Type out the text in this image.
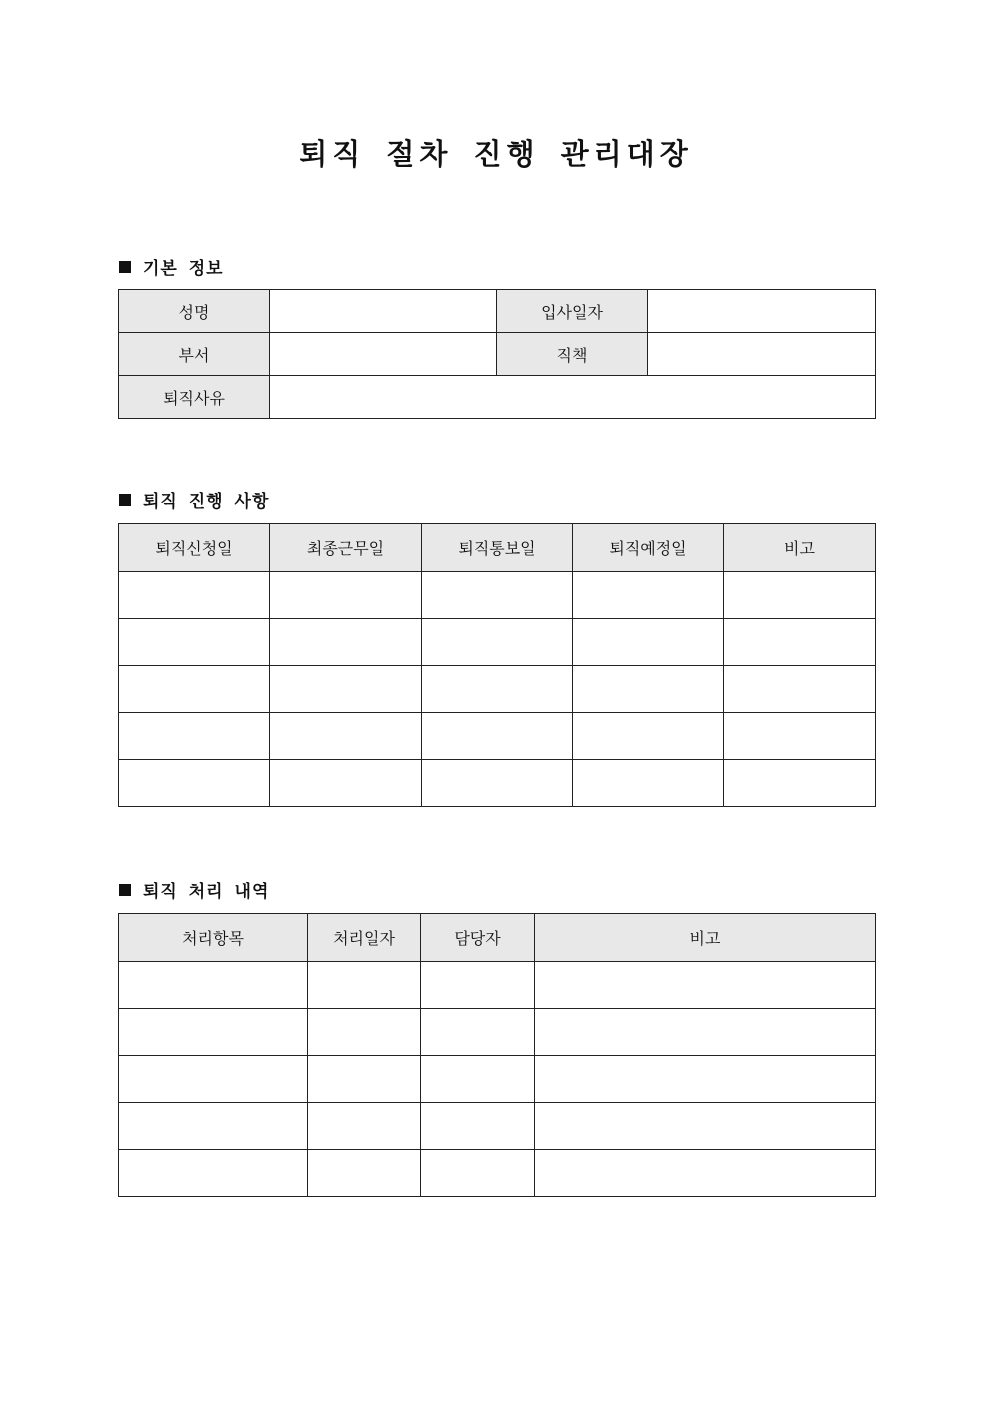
퇴직 절차 진행 관리대장
기본 정보
성명		입사일자	
부서		직책	
퇴직사유			
퇴직 진행 사항
퇴직신청일	최종근무일	퇴직통보일	퇴직예정일	비고

퇴직 처리 내역
처리항목	처리일자	담당자	비고
